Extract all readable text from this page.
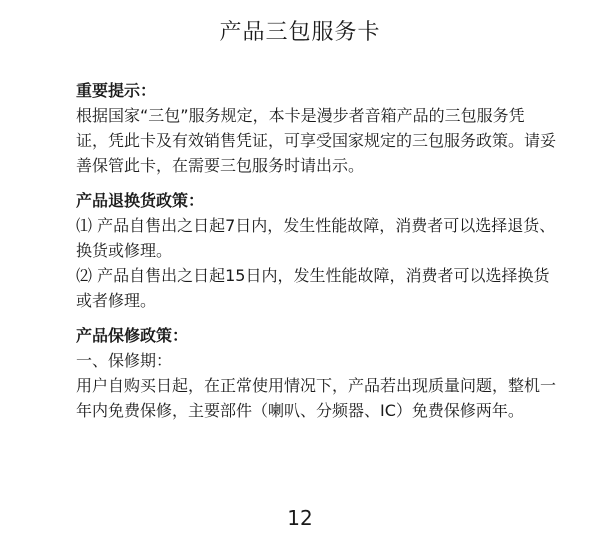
产品三包服务卡

重要提示：

根据国家“三包”服务规定，本卡是漫步者音箱产品的三包服务凭证，凭此卡及有效销售凭证，可享受国家规定的三包服务政策。请妥善保管此卡，在需要三包服务时请出示。

产品退换货政策：

⑴ 产品自售出之日起7日内，发生性能故障，消费者可以选择退货、换货或修理。

⑵ 产品自售出之日起15日内，发生性能故障，消费者可以选择换货或者修理。

产品保修政策：

一、保修期：

用户自购买日起，在正常使用情况下，产品若出现质量问题，整机一年内免费保修，主要部件（喇叭、分频器、IC）免费保修两年。

12
